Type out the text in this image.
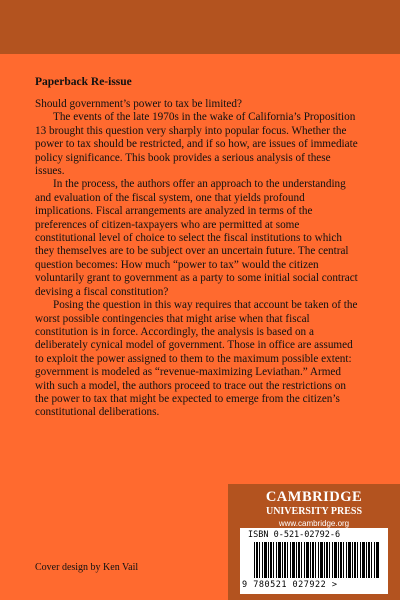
Paperback Re-issue

Should government’s power to tax be limited?

The events of the late 1970s in the wake of California’s Proposition 13 brought this question very sharply into popular focus. Whether the power to tax should be restricted, and if so how, are issues of immediate policy significance. This book provides a serious analysis of these issues.

In the process, the authors offer an approach to the understanding and evaluation of the fiscal system, one that yields profound implications. Fiscal arrangements are analyzed in terms of the preferences of citizen-taxpayers who are permitted at some constitutional level of choice to select the fiscal institutions to which they themselves are to be subject over an uncertain future. The central question becomes: How much “power to tax” would the citizen voluntarily grant to government as a party to some initial social contract devising a fiscal constitution?

Posing the question in this way requires that account be taken of the worst possible contingencies that might arise when that fiscal constitution is in force. Accordingly, the analysis is based on a deliberately cynical model of government. Those in office are assumed to exploit the power assigned to them to the maximum possible extent: government is modeled as “revenue-maximizing Leviathan.” Armed with such a model, the authors proceed to trace out the restrictions on the power to tax that might be expected to emerge from the citizen’s constitutional deliberations.

CAMBRIDGE
UNIVERSITY PRESS
www.cambridge.org
ISBN 0-521-02792-6
9 780521 027922 >
Cover design by Ken Vail
